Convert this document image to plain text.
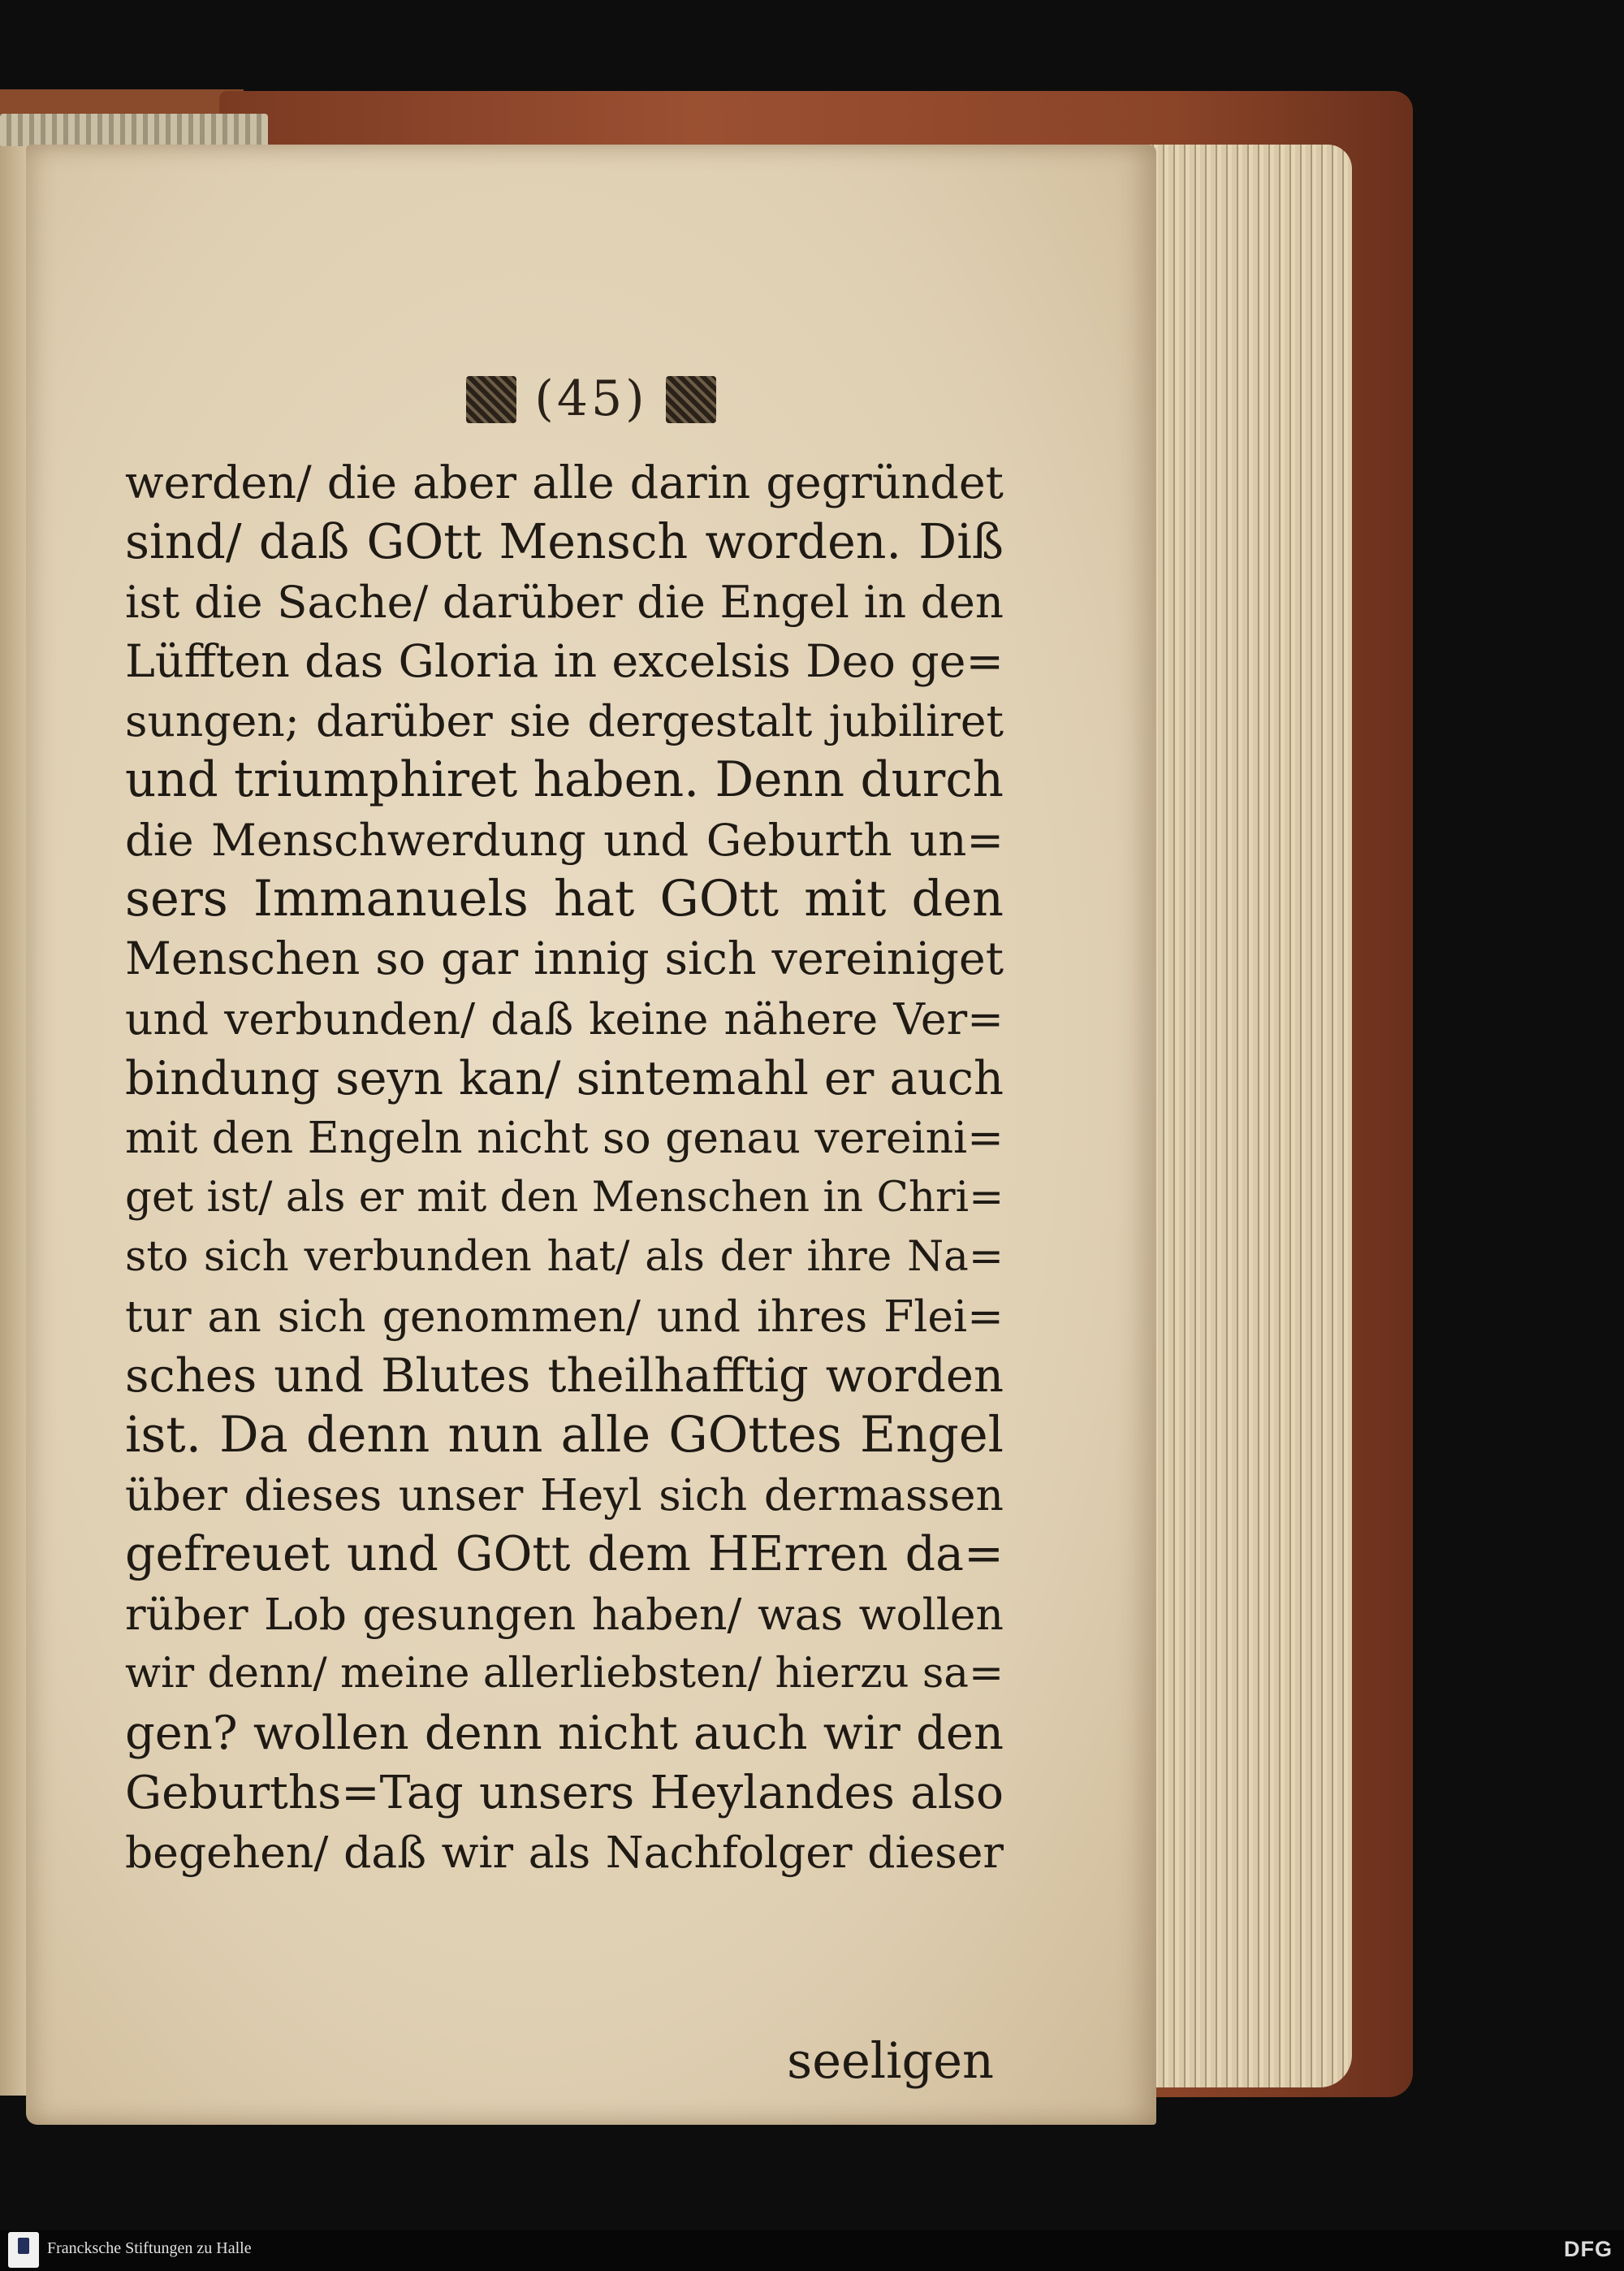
(45)
werden/ die aber alle darin gegründet
sind/ daß GOtt Mensch worden. Diß
ist die Sache/ darüber die Engel in den
Lüfften das Gloria in excelsis Deo ge=
sungen; darüber sie dergestalt jubiliret
und triumphiret haben. Denn durch
die Menschwerdung und Geburth un=
sers Immanuels hat GOtt mit den
Menschen so gar innig sich vereiniget
und verbunden/ daß keine nähere Ver=
bindung seyn kan/ sintemahl er auch
mit den Engeln nicht so genau vereini=
get ist/ als er mit den Menschen in Chri=
sto sich verbunden hat/ als der ihre Na=
tur an sich genommen/ und ihres Flei=
sches und Blutes theilhafftig worden
ist. Da denn nun alle GOttes Engel
über dieses unser Heyl sich dermassen
gefreuet und GOtt dem HErren da=
rüber Lob gesungen haben/ was wollen
wir denn/ meine allerliebsten/ hierzu sa=
gen? wollen denn nicht auch wir den
Geburths=Tag unsers Heylandes also
begehen/ daß wir als Nachfolger dieser
seeligen
Francksche Stiftungen zu Halle	DFG
